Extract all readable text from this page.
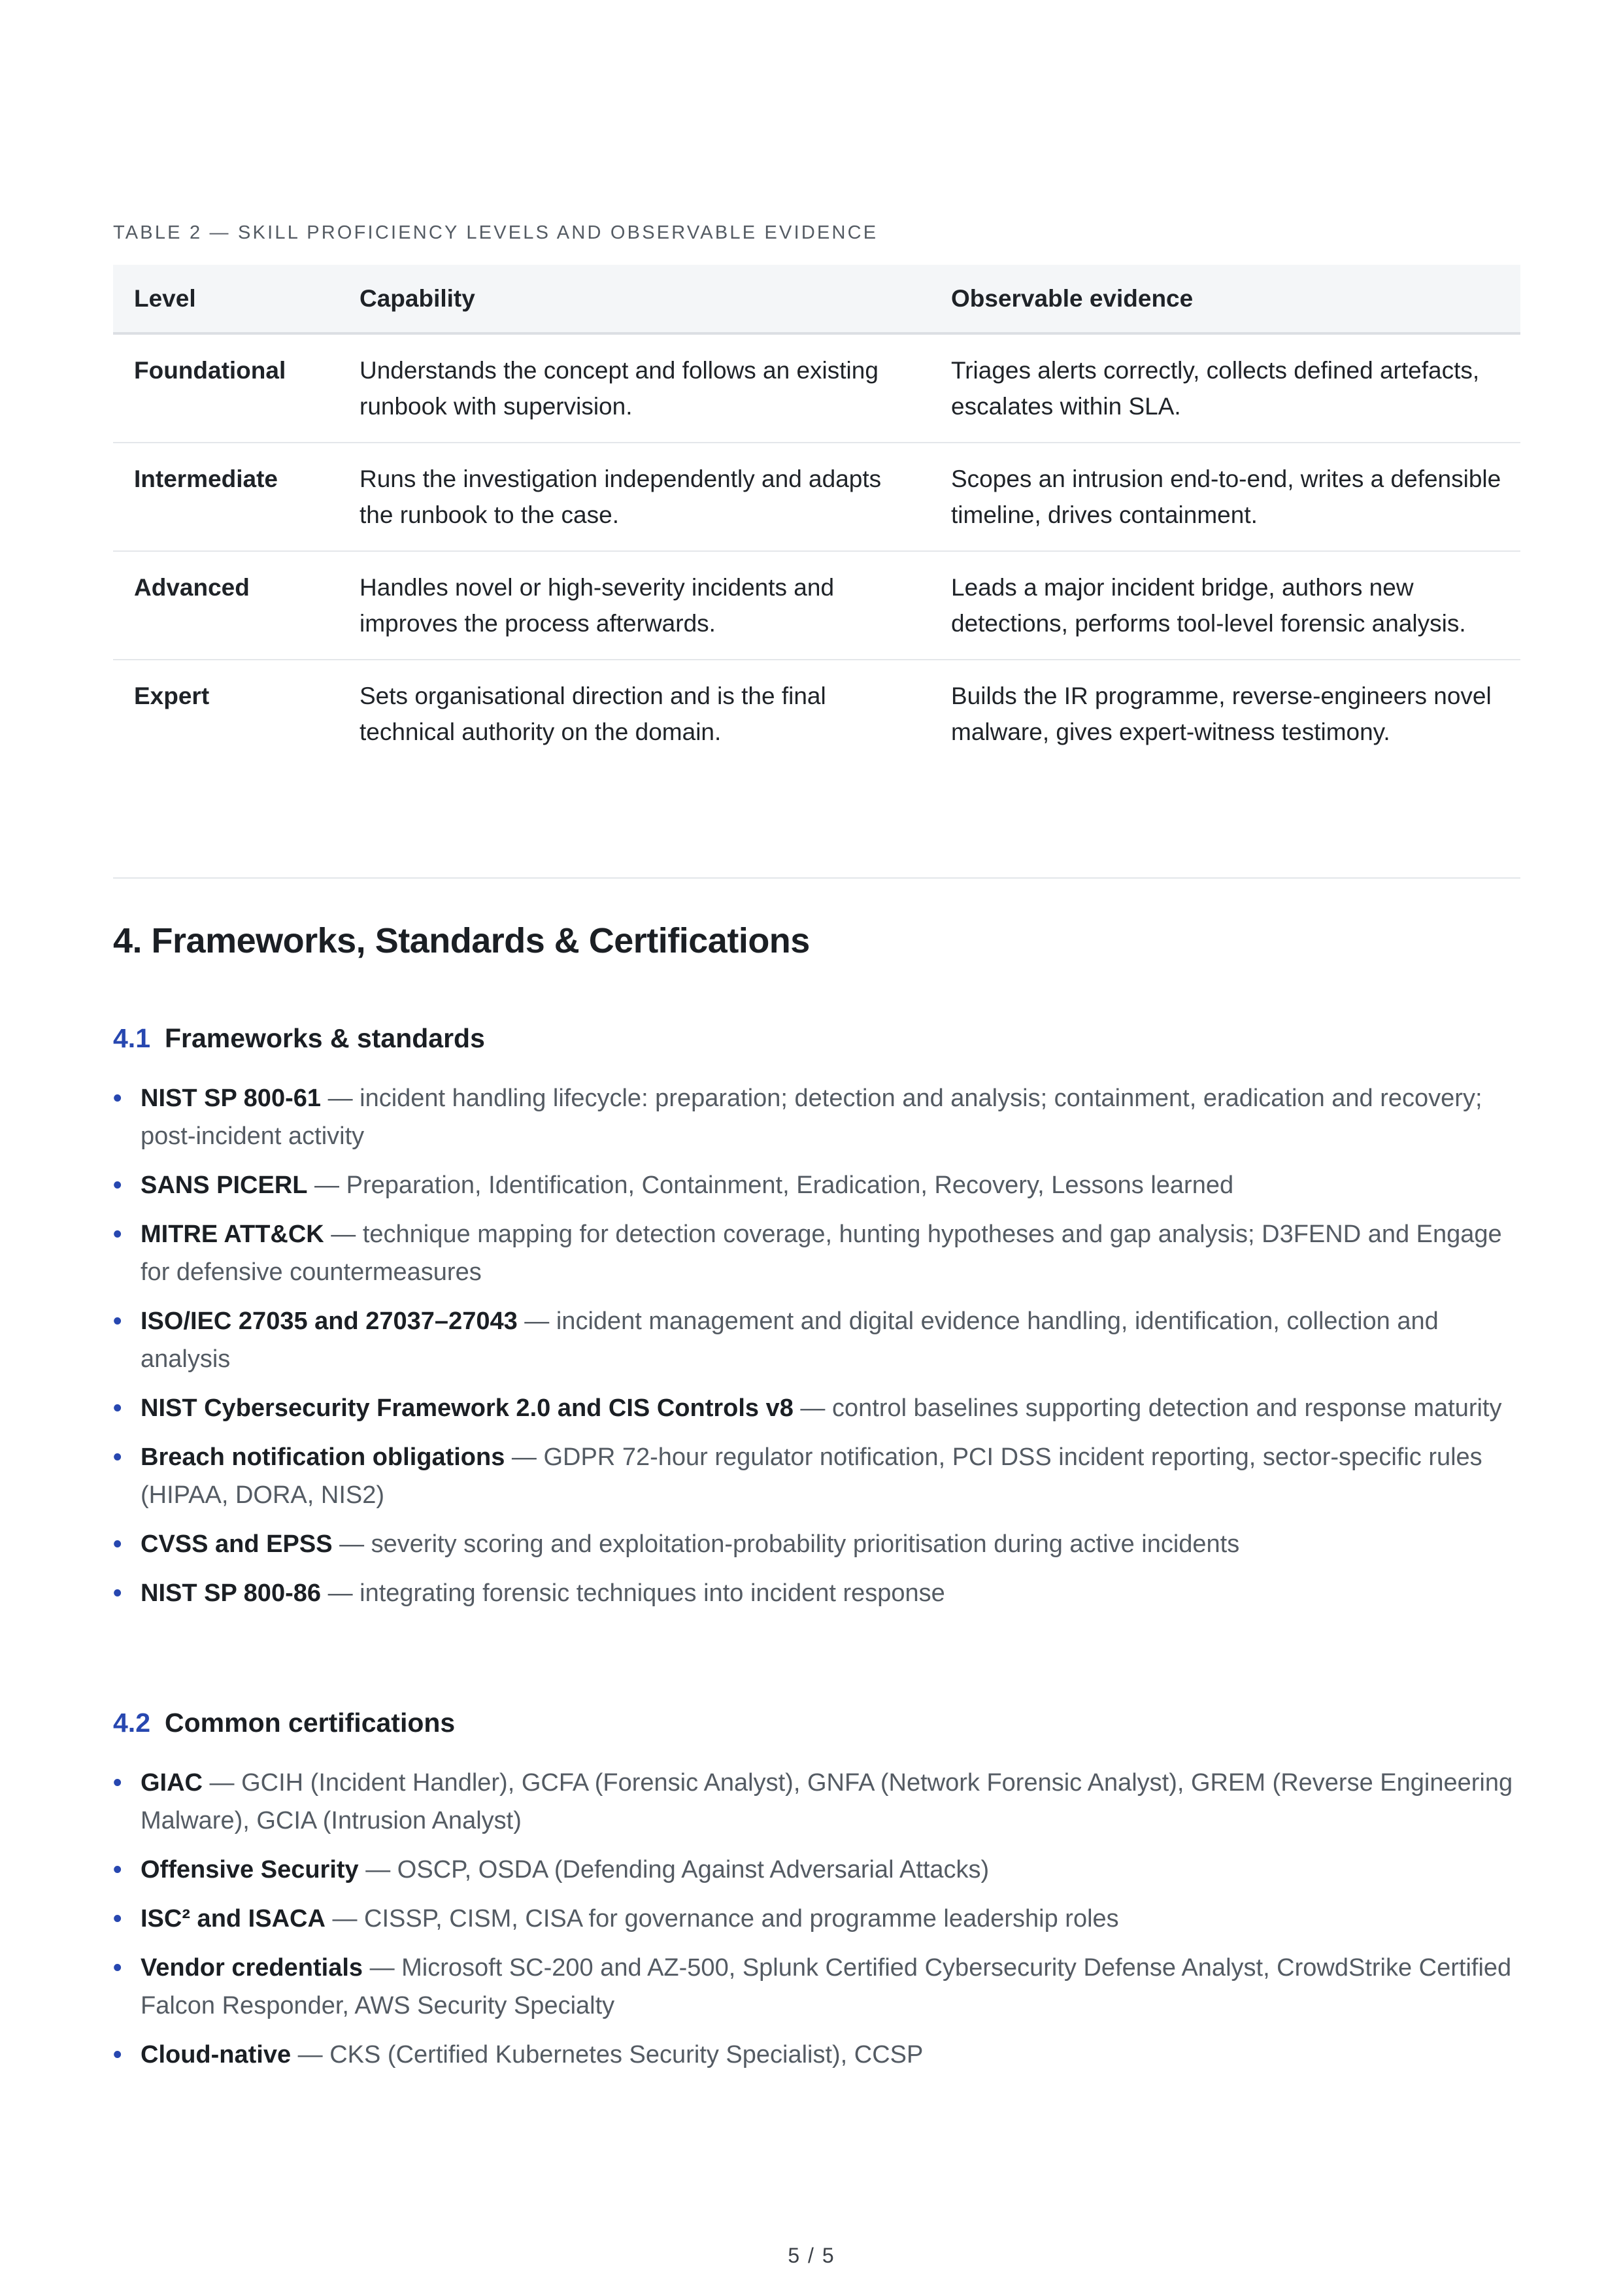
TABLE 2 — SKILL PROFICIENCY LEVELS AND OBSERVABLE EVIDENCE
Level	Capability	Observable evidence
Foundational	Understands the concept and follows an existing runbook with supervision.	Triages alerts correctly, collects defined artefacts, escalates within SLA.
Intermediate	Runs the investigation independently and adapts the runbook to the case.	Scopes an intrusion end-to-end, writes a defensible timeline, drives containment.
Advanced	Handles novel or high-severity incidents and improves the process afterwards.	Leads a major incident bridge, authors new detections, performs tool-level forensic analysis.
Expert	Sets organisational direction and is the final technical authority on the domain.	Builds the IR programme, reverse-engineers novel malware, gives expert-witness testimony.
4. Frameworks, Standards & Certifications
4.1 Frameworks & standards
• NIST SP 800-61 — incident handling lifecycle: preparation; detection and analysis; containment, eradication and recovery; post-incident activity
• SANS PICERL — Preparation, Identification, Containment, Eradication, Recovery, Lessons learned
• MITRE ATT&CK — technique mapping for detection coverage, hunting hypotheses and gap analysis; D3FEND and Engage for defensive countermeasures
• ISO/IEC 27035 and 27037–27043 — incident management and digital evidence handling, identification, collection and analysis
• NIST Cybersecurity Framework 2.0 and CIS Controls v8 — control baselines supporting detection and response maturity
• Breach notification obligations — GDPR 72-hour regulator notification, PCI DSS incident reporting, sector-specific rules (HIPAA, DORA, NIS2)
• CVSS and EPSS — severity scoring and exploitation-probability prioritisation during active incidents
• NIST SP 800-86 — integrating forensic techniques into incident response
4.2 Common certifications
• GIAC — GCIH (Incident Handler), GCFA (Forensic Analyst), GNFA (Network Forensic Analyst), GREM (Reverse Engineering Malware), GCIA (Intrusion Analyst)
• Offensive Security — OSCP, OSDA (Defending Against Adversarial Attacks)
• ISC² and ISACA — CISSP, CISM, CISA for governance and programme leadership roles
• Vendor credentials — Microsoft SC-200 and AZ-500, Splunk Certified Cybersecurity Defense Analyst, CrowdStrike Certified Falcon Responder, AWS Security Specialty
• Cloud-native — CKS (Certified Kubernetes Security Specialist), CCSP
5 / 5
